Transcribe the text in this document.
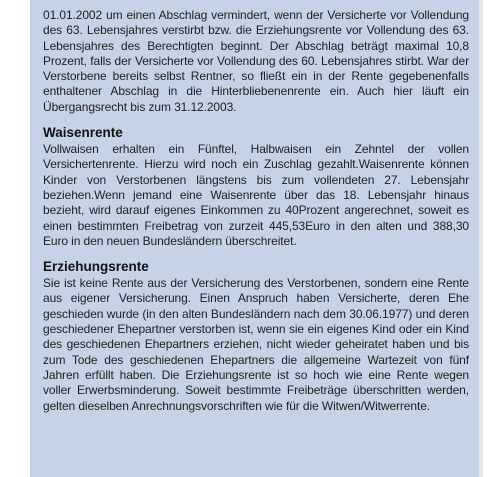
01.01.2002 um einen Abschlag vermindert, wenn der Versicherte vor Vollendung des 63. Lebensjahres verstirbt bzw. die Erziehungsrente vor Vollendung des 63. Lebensjahres des Berechtigten beginnt. Der Abschlag beträgt maximal 10,8 Prozent, falls der Versicherte vor Vollendung des 60. Lebensjahres stirbt. War der Verstorbene bereits selbst Rentner, so fließt ein in der Rente gegebenenfalls enthaltener Abschlag in die Hinterbliebenenrente ein. Auch hier läuft ein Übergangsrecht bis zum 31.12.2003.

Waisenrente

Vollwaisen erhalten ein Fünftel, Halbwaisen ein Zehntel der vollen Versichertenrente. Hierzu wird noch ein Zuschlag gezahlt.Waisenrente können Kinder von Verstorbenen längstens bis zum vollendeten 27. Lebensjahr beziehen.Wenn jemand eine Waisenrente über das 18. Lebensjahr hinaus bezieht, wird darauf eigenes Einkommen zu 40Prozent angerechnet, soweit es einen bestimmten Freibetrag von zurzeit 445,53Euro in den alten und 388,30 Euro in den neuen Bundesländern überschreitet.

Erziehungsrente

Sie ist keine Rente aus der Versicherung des Verstorbenen, sondern eine Rente aus eigener Versicherung. Einen Anspruch haben Versicherte, deren Ehe geschieden wurde (in den alten Bundesländern nach dem 30.06.1977) und deren geschiedener Ehepartner verstorben ist, wenn sie ein eigenes Kind oder ein Kind des geschiedenen Ehepartners erziehen, nicht wieder geheiratet haben und bis zum Tode des geschiedenen Ehepartners die allgemeine Wartezeit von fünf Jahren erfüllt haben. Die Erziehungsrente ist so hoch wie eine Rente wegen voller Erwerbsminderung. Soweit bestimmte Freibeträge überschritten werden, gelten dieselben Anrechnungsvorschriften wie für die Witwen/Witwerrente.
